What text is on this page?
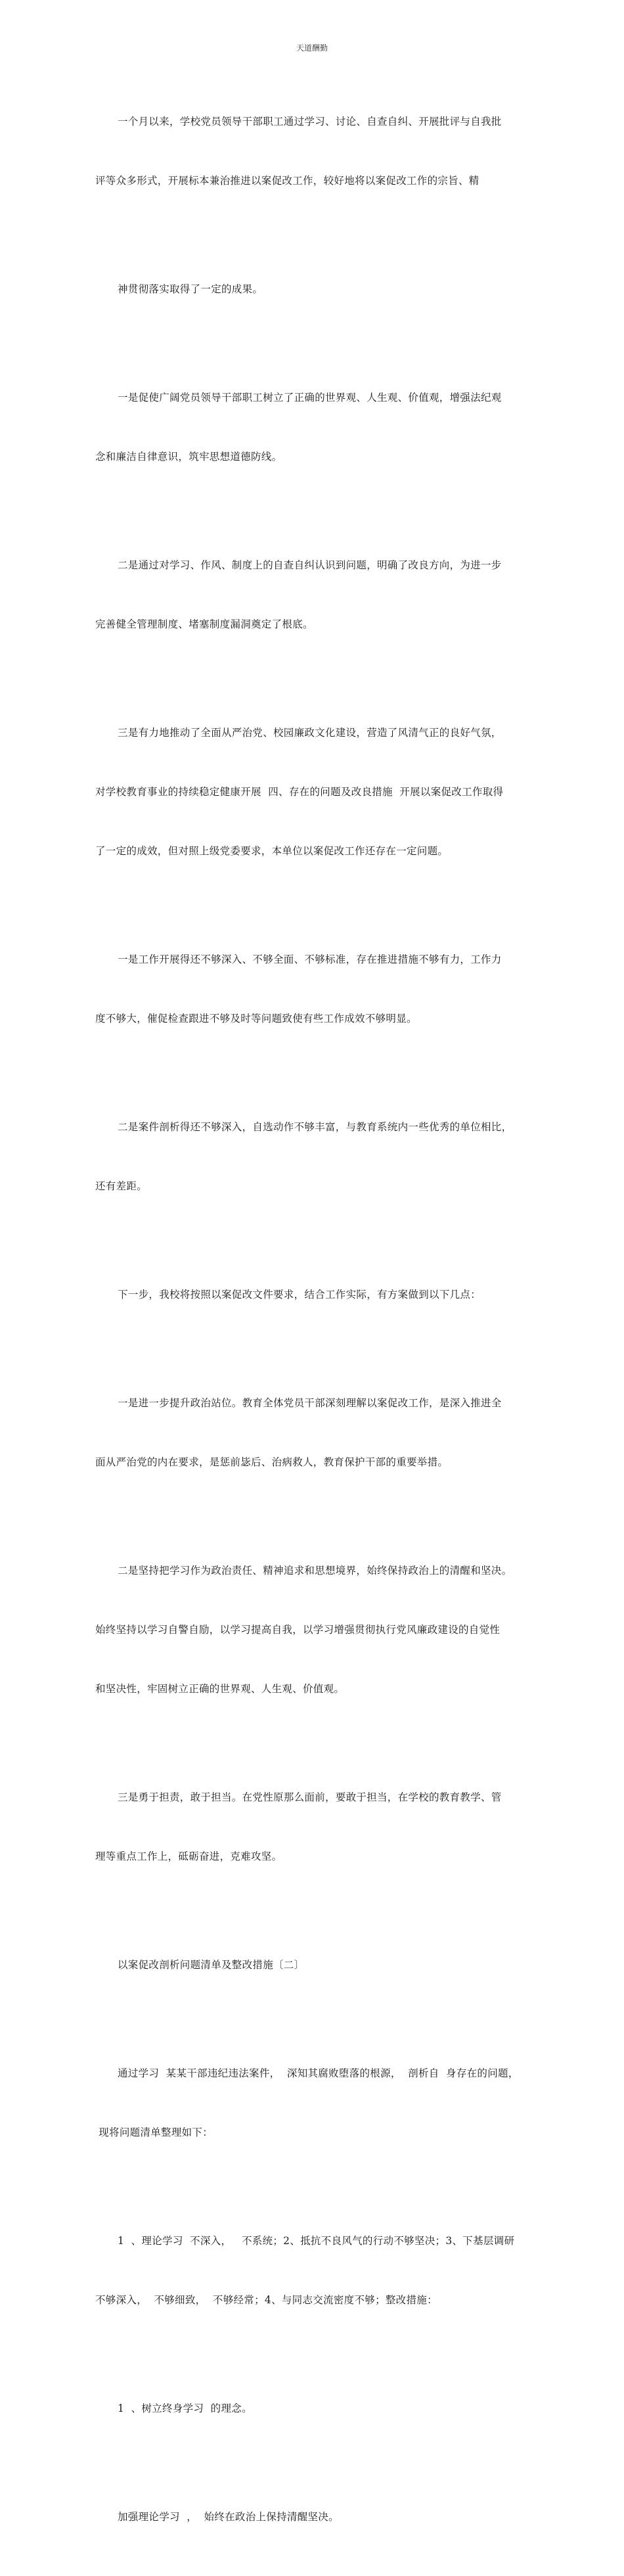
天道酬勤

一个月以来，学校党员领导干部职工通过学习、讨论、自查自纠、开展批评与自我批

评等众多形式，开展标本兼治推进以案促改工作，较好地将以案促改工作的宗旨、精

神贯彻落实取得了一定的成果。

一是促使广阔党员领导干部职工树立了正确的世界观、人生观、价值观，增强法纪观

念和廉洁自律意识，筑牢思想道德防线。

二是通过对学习、作风、制度上的自查自纠认识到问题，明确了改良方向，为进一步

完善健全管理制度、堵塞制度漏洞奠定了根底。

三是有力地推动了全面从严治党、校园廉政文化建设，营造了风清气正的良好气氛，

对学校教育事业的持续稳定健康开展  四、存在的问题及改良措施  开展以案促改工作取得

了一定的成效，但对照上级党委要求，本单位以案促改工作还存在一定问题。

一是工作开展得还不够深入、不够全面、不够标准，存在推进措施不够有力，工作力

度不够大，催促检查跟进不够及时等问题致使有些工作成效不够明显。

二是案件剖析得还不够深入，自选动作不够丰富，与教育系统内一些优秀的单位相比，

还有差距。

下一步，我校将按照以案促改文件要求，结合工作实际，有方案做到以下几点：

一是进一步提升政治站位。教育全体党员干部深刻理解以案促改工作，是深入推进全

面从严治党的内在要求，是惩前毖后、治病救人，教育保护干部的重要举措。

二是坚持把学习作为政治责任、精神追求和思想境界，始终保持政治上的清醒和坚决。

始终坚持以学习自警自励，以学习提高自我，以学习增强贯彻执行党风廉政建设的自觉性

和坚决性，牢固树立正确的世界观、人生观、价值观。

三是勇于担责，敢于担当。在党性原那么面前，要敢于担当，在学校的教育教学、管

理等重点工作上，砥砺奋进，克难攻坚。

以案促改剖析问题清单及整改措施〔二〕

通过学习  某某干部违纪违法案件，  深知其腐败堕落的根源，  剖析自  身存在的问题，

现将问题清单整理如下：

1  、理论学习  不深入，   不系统；2、抵抗不良风气的行动不够坚决；3、下基层调研

不够深入，  不够细致，  不够经常；4、与同志交流密度不够；整改措施：

1  、树立终身学习  的理念。

加强理论学习  ，  始终在政治上保持清醒坚决。
